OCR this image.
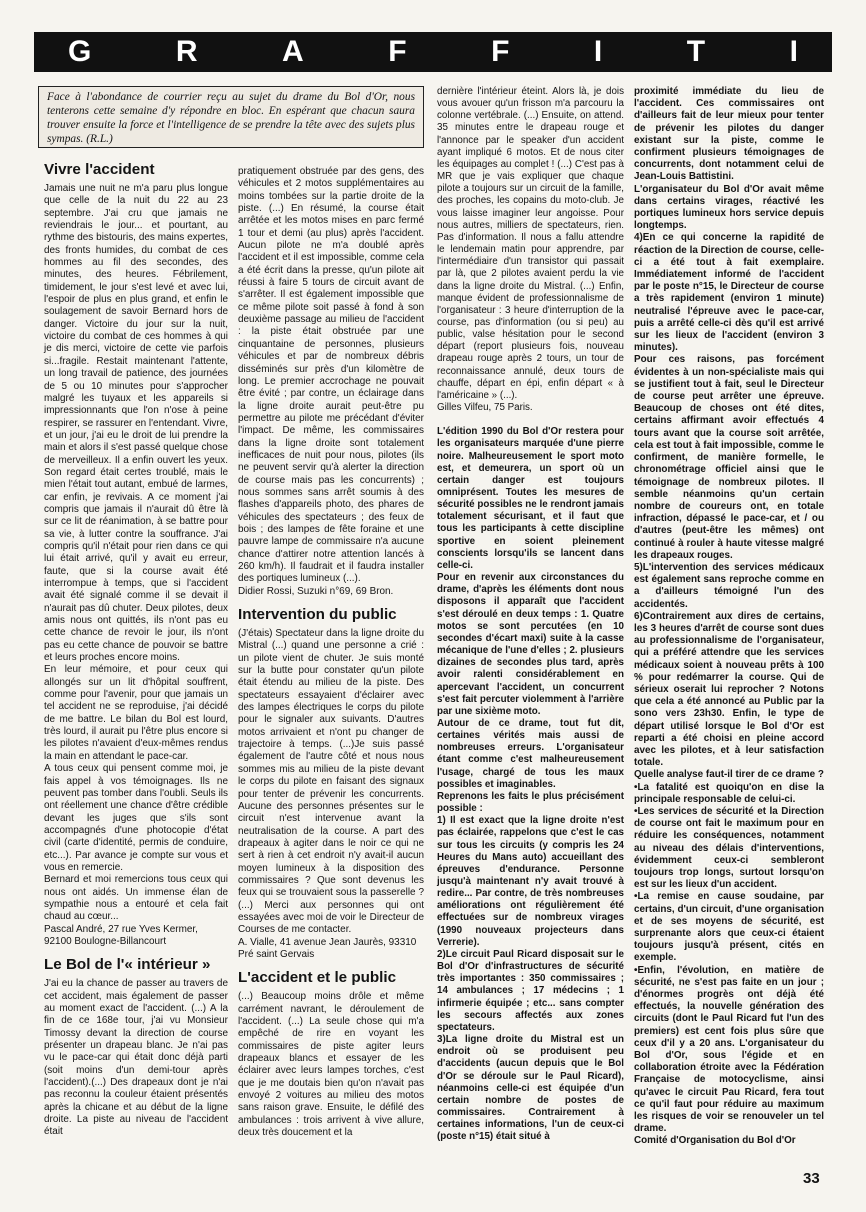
G	R	A	F	F	I	T	I

Face à l'abondance de courrier reçu au sujet du drame du Bol d'Or, nous tenterons cette semaine d'y répondre en bloc. En espérant que chacun saura trouver ensuite la force et l'intelligence de se prendre la tête avec des sujets plus sympas. (R.L.)

Vivre l'accident

Jamais une nuit ne m'a paru plus longue que celle de la nuit du 22 au 23 septembre. J'ai cru que jamais ne reviendrais le jour... et pourtant, au rythme des bistouris, des mains expertes, des fronts humides, du combat de ces hommes au fil des secondes, des minutes, des heures. Fébrilement, timidement, le jour s'est levé et avec lui, l'espoir de plus en plus grand, et enfin le soulagement de savoir Bernard hors de danger. Victoire du jour sur la nuit, victoire du combat de ces hommes à qui je dis merci, victoire de cette vie parfois si...fragile. Restait maintenant l'attente, un long travail de patience, des journées de 5 ou 10 minutes pour s'approcher malgré les tuyaux et les appareils si impressionnants que l'on n'ose à peine respirer, se rassurer en l'entendant. Vivre, et un jour, j'ai eu le droit de lui prendre la main et alors il s'est passé quelque chose de merveilleux. Il a enfin ouvert les yeux. Son regard était certes troublé, mais le mien l'était tout autant, embué de larmes, car enfin, je revivais. A ce moment j'ai compris que jamais il n'aurait dû être là sur ce lit de réanimation, à se battre pour sa vie, à lutter contre la souffrance. J'ai compris qu'il n'était pour rien dans ce qui lui était arrivé, qu'il y avait eu erreur, faute, que si la course avait été interrompue à temps, que si l'accident avait été signalé comme il se devait il n'aurait pas dû chuter. Deux pilotes, deux amis nous ont quittés, ils n'ont pas eu cette chance de revoir le jour, ils n'ont pas eu cette chance de pouvoir se battre et leurs proches encore moins.

En leur mémoire, et pour ceux qui allongés sur un lit d'hôpital souffrent, comme pour l'avenir, pour que jamais un tel accident ne se reproduise, j'ai décidé de me battre. Le bilan du Bol est lourd, très lourd, il aurait pu l'être plus encore si les pilotes n'avaient d'eux-mêmes rendus la main en attendant le pace-car.

A tous ceux qui pensent comme moi, je fais appel à vos témoignages. Ils ne peuvent pas tomber dans l'oubli. Seuls ils ont réellement une chance d'être crédible devant les juges que s'ils sont accompagnés d'une photocopie d'état civil (carte d'identité, permis de conduire, etc...). Par avance je compte sur vous et vous en remercie.

Bernard et moi remercions tous ceux qui nous ont aidés. Un immense élan de sympathie nous a entouré et cela fait chaud au cœur...

Pascal André, 27 rue Yves Kermer, 92100 Boulogne-Billancourt

Le Bol de l'« intérieur »

J'ai eu la chance de passer au travers de cet accident, mais également de passer au moment exact de l'accident. (...) A la fin de ce 168e tour, j'ai vu Monsieur Timossy devant la direction de course présenter un drapeau blanc. Je n'ai pas vu le pace-car qui était donc déjà parti (soit moins d'un demi-tour après l'accident).(...) Des drapeaux dont je n'ai pas reconnu la couleur étaient présentés après la chicane et au début de la ligne droite. La piste au niveau de l'accident était

pratiquement obstruée par des gens, des véhicules et 2 motos supplémentaires au moins tombées sur la partie droite de la piste. (...) En résumé, la course était arrêtée et les motos mises en parc fermé 1 tour et demi (au plus) après l'accident. Aucun pilote ne m'a doublé après l'accident et il est impossible, comme cela a été écrit dans la presse, qu'un pilote ait réussi à faire 5 tours de circuit avant de s'arrêter. Il est également impossible que ce même pilote soit passé à fond à son deuxième passage au milieu de l'accident : la piste était obstruée par une cinquantaine de personnes, plusieurs véhicules et par de nombreux débris disséminés sur près d'un kilomètre de long. Le premier accrochage ne pouvait être évité ; par contre, un éclairage dans la ligne droite aurait peut-être pu permettre au pilote me précédant d'éviter l'impact. De même, les commissaires dans la ligne droite sont totalement inefficaces de nuit pour nous, pilotes (ils ne peuvent servir qu'à alerter la direction de course mais pas les concurrents) ; nous sommes sans arrêt soumis à des flashes d'appareils photo, des phares de véhicules des spectateurs ; des feux de bois ; des lampes de fête foraine et une pauvre lampe de commissaire n'a aucune chance d'attirer notre attention lancés à 260 km/h). Il faudrait et il faudra installer des portiques lumineux (...).

Didier Rossi, Suzuki n°69, 69 Bron.

Intervention du public

(J'étais) Spectateur dans la ligne droite du Mistral (...) quand une personne a crié : un pilote vient de chuter. Je suis monté sur la butte pour constater qu'un pilote était étendu au milieu de la piste. Des spectateurs essayaient d'éclairer avec des lampes électriques le corps du pilote pour le signaler aux suivants. D'autres motos arrivaient et n'ont pu changer de trajectoire à temps. (...)Je suis passé également de l'autre côté et nous nous sommes mis au milieu de la piste devant le corps du pilote en faisant des signaux pour tenter de prévenir les concurrents. Aucune des personnes présentes sur le circuit n'est intervenue avant la neutralisation de la course. A part des drapeaux à agiter dans le noir ce qui ne sert à rien à cet endroit n'y avait-il aucun moyen lumineux à la disposition des commissaires ? Que sont devenus les feux qui se trouvaient sous la passerelle ? (...) Merci aux personnes qui ont essayées avec moi de voir le Directeur de Courses de me contacter.

A. Vialle, 41 avenue Jean Jaurès, 93310 Pré saint Gervais

L'accident et le public

(...) Beaucoup moins drôle et même carrément navrant, le déroulement de l'accident. (...) La seule chose qui m'a empêché de rire en voyant les commissaires de piste agiter leurs drapeaux blancs et essayer de les éclairer avec leurs lampes torches, c'est que je me doutais bien qu'on n'avait pas envoyé 2 voitures au milieu des motos sans raison grave. Ensuite, le défilé des ambulances : trois arrivent à vive allure, deux très doucement et la

dernière l'intérieur éteint. Alors là, je dois vous avouer qu'un frisson m'a parcouru la colonne vertébrale. (...) Ensuite, on attend. 35 minutes entre le drapeau rouge et l'annonce par le speaker d'un accident ayant impliqué 6 motos. Et de nous citer les équipages au complet ! (...) C'est pas à MR que je vais expliquer que chaque pilote a toujours sur un circuit de la famille, des proches, les copains du moto-club. Je vous laisse imaginer leur angoisse. Pour nous autres, milliers de spectateurs, rien. Pas d'information. Il nous a fallu attendre le lendemain matin pour apprendre, par l'intermédiaire d'un transistor qui passait par là, que 2 pilotes avaient perdu la vie dans la ligne droite du Mistral. (...) Enfin, manque évident de professionnalisme de l'organisateur : 3 heure d'interruption de la course, pas d'information (ou si peu) au public, valse hésitation pour le second départ (report plusieurs fois, nouveau drapeau rouge après 2 tours, un tour de reconnaissance annulé, deux tours de chauffe, départ en épi, enfin départ « à l'américaine » (...).

Gilles Vilfeu, 75 Paris.

L'édition 1990 du Bol d'Or restera pour les organisateurs marquée d'une pierre noire. Malheureusement le sport moto est, et demeurera, un sport où un certain danger est toujours omniprésent. Toutes les mesures de sécurité possibles ne le rendront jamais totalement sécurisant, et il faut que tous les participants à cette discipline sportive en soient pleinement conscients lorsqu'ils se lancent dans celle-ci.

Pour en revenir aux circonstances du drame, d'après les éléments dont nous disposons il apparaît que l'accident s'est déroulé en deux temps : 1. Quatre motos se sont percutées (en 10 secondes d'écart maxi) suite à la casse mécanique de l'une d'elles ; 2. plusieurs dizaines de secondes plus tard, après avoir ralenti considérablement en apercevant l'accident, un concurrent s'est fait percuter violemment à l'arrière par une sixième moto.

Autour de ce drame, tout fut dit, certaines vérités mais aussi de nombreuses erreurs. L'organisateur étant comme c'est malheureusement l'usage, chargé de tous les maux possibles et imaginables.

Reprenons les faits le plus précisément possible :

1) Il est exact que la ligne droite n'est pas éclairée, rappelons que c'est le cas sur tous les circuits (y compris les 24 Heures du Mans auto) accueillant des épreuves d'endurance. Personne jusqu'à maintenant n'y avait trouvé à redire... Par contre, de très nombreuses améliorations ont régulièrement été effectuées sur de nombreux virages (1990 nouveaux projecteurs dans Verrerie).

2)Le circuit Paul Ricard disposait sur le Bol d'Or d'infrastructures de sécurité très importantes : 350 commissaires ; 14 ambulances ; 17 médecins ; 1 infirmerie équipée ; etc... sans compter les secours affectés aux zones spectateurs.

3)La ligne droite du Mistral est un endroit où se produisent peu d'accidents (aucun depuis que le Bol d'Or se déroule sur le Paul Ricard), néanmoins celle-ci est équipée d'un certain nombre de postes de commissaires. Contrairement à certaines informations, l'un de ceux-ci (poste n°15) était situé à

proximité immédiate du lieu de l'accident. Ces commissaires ont d'ailleurs fait de leur mieux pour tenter de prévenir les pilotes du danger existant sur la piste, comme le confirment plusieurs témoignages de concurrents, dont notamment celui de Jean-Louis Battistini.

L'organisateur du Bol d'Or avait même dans certains virages, réactivé les portiques lumineux hors service depuis longtemps.

4)En ce qui concerne la rapidité de réaction de la Direction de course, celle-ci a été tout à fait exemplaire. Immédiatement informé de l'accident par le poste n°15, le Directeur de course a très rapidement (environ 1 minute) neutralisé l'épreuve avec le pace-car, puis a arrêté celle-ci dès qu'il est arrivé sur les lieux de l'accident (environ 3 minutes).

Pour ces raisons, pas forcément évidentes à un non-spécialiste mais qui se justifient tout à fait, seul le Directeur de course peut arrêter une épreuve. Beaucoup de choses ont été dites, certains affirmant avoir effectués 4 tours avant que la course soit arrêtée, cela est tout à fait impossible, comme le confirment, de manière formelle, le chronométrage officiel ainsi que le témoignage de nombreux pilotes. Il semble néanmoins qu'un certain nombre de coureurs ont, en totale infraction, dépassé le pace-car, et / ou d'autres (peut-être les mêmes) ont continué à rouler à haute vitesse malgré les drapeaux rouges.

5)L'intervention des services médicaux est également sans reproche comme en a d'ailleurs témoigné l'un des accidentés.

6)Contrairement aux dires de certains, les 3 heures d'arrêt de course sont dues au professionnalisme de l'organisateur, qui a préféré attendre que les services médicaux soient à nouveau prêts à 100 % pour redémarrer la course. Qui de sérieux oserait lui reprocher ? Notons que cela a été annoncé au Public par la sono vers 23h30. Enfin, le type de départ utilisé lorsque le Bol d'Or est reparti a été choisi en pleine accord avec les pilotes, et à leur satisfaction totale.

Quelle analyse faut-il tirer de ce drame ?

•La fatalité est quoiqu'on en dise la principale responsable de celui-ci.

•Les services de sécurité et la Direction de course ont fait le maximum pour en réduire les conséquences, notamment au niveau des délais d'interventions, évidemment ceux-ci sembleront toujours trop longs, surtout lorsqu'on est sur les lieux d'un accident.

•La remise en cause soudaine, par certains, d'un circuit, d'une organisation et de ses moyens de sécurité, est surprenante alors que ceux-ci étaient toujours jusqu'à présent, cités en exemple.

•Enfin, l'évolution, en matière de sécurité, ne s'est pas faite en un jour ; d'énormes progrès ont déjà été effectués, la nouvelle génération des circuits (dont le Paul Ricard fut l'un des premiers) est cent fois plus sûre que ceux d'il y a 20 ans. L'organisateur du Bol d'Or, sous l'égide et en collaboration étroite avec la Fédération Française de motocyclisme, ainsi qu'avec le circuit Pau Ricard, fera tout ce qu'il faut pour réduire au maximum les risques de voir se renouveler un tel drame.

Comité d'Organisation du Bol d'Or

33
